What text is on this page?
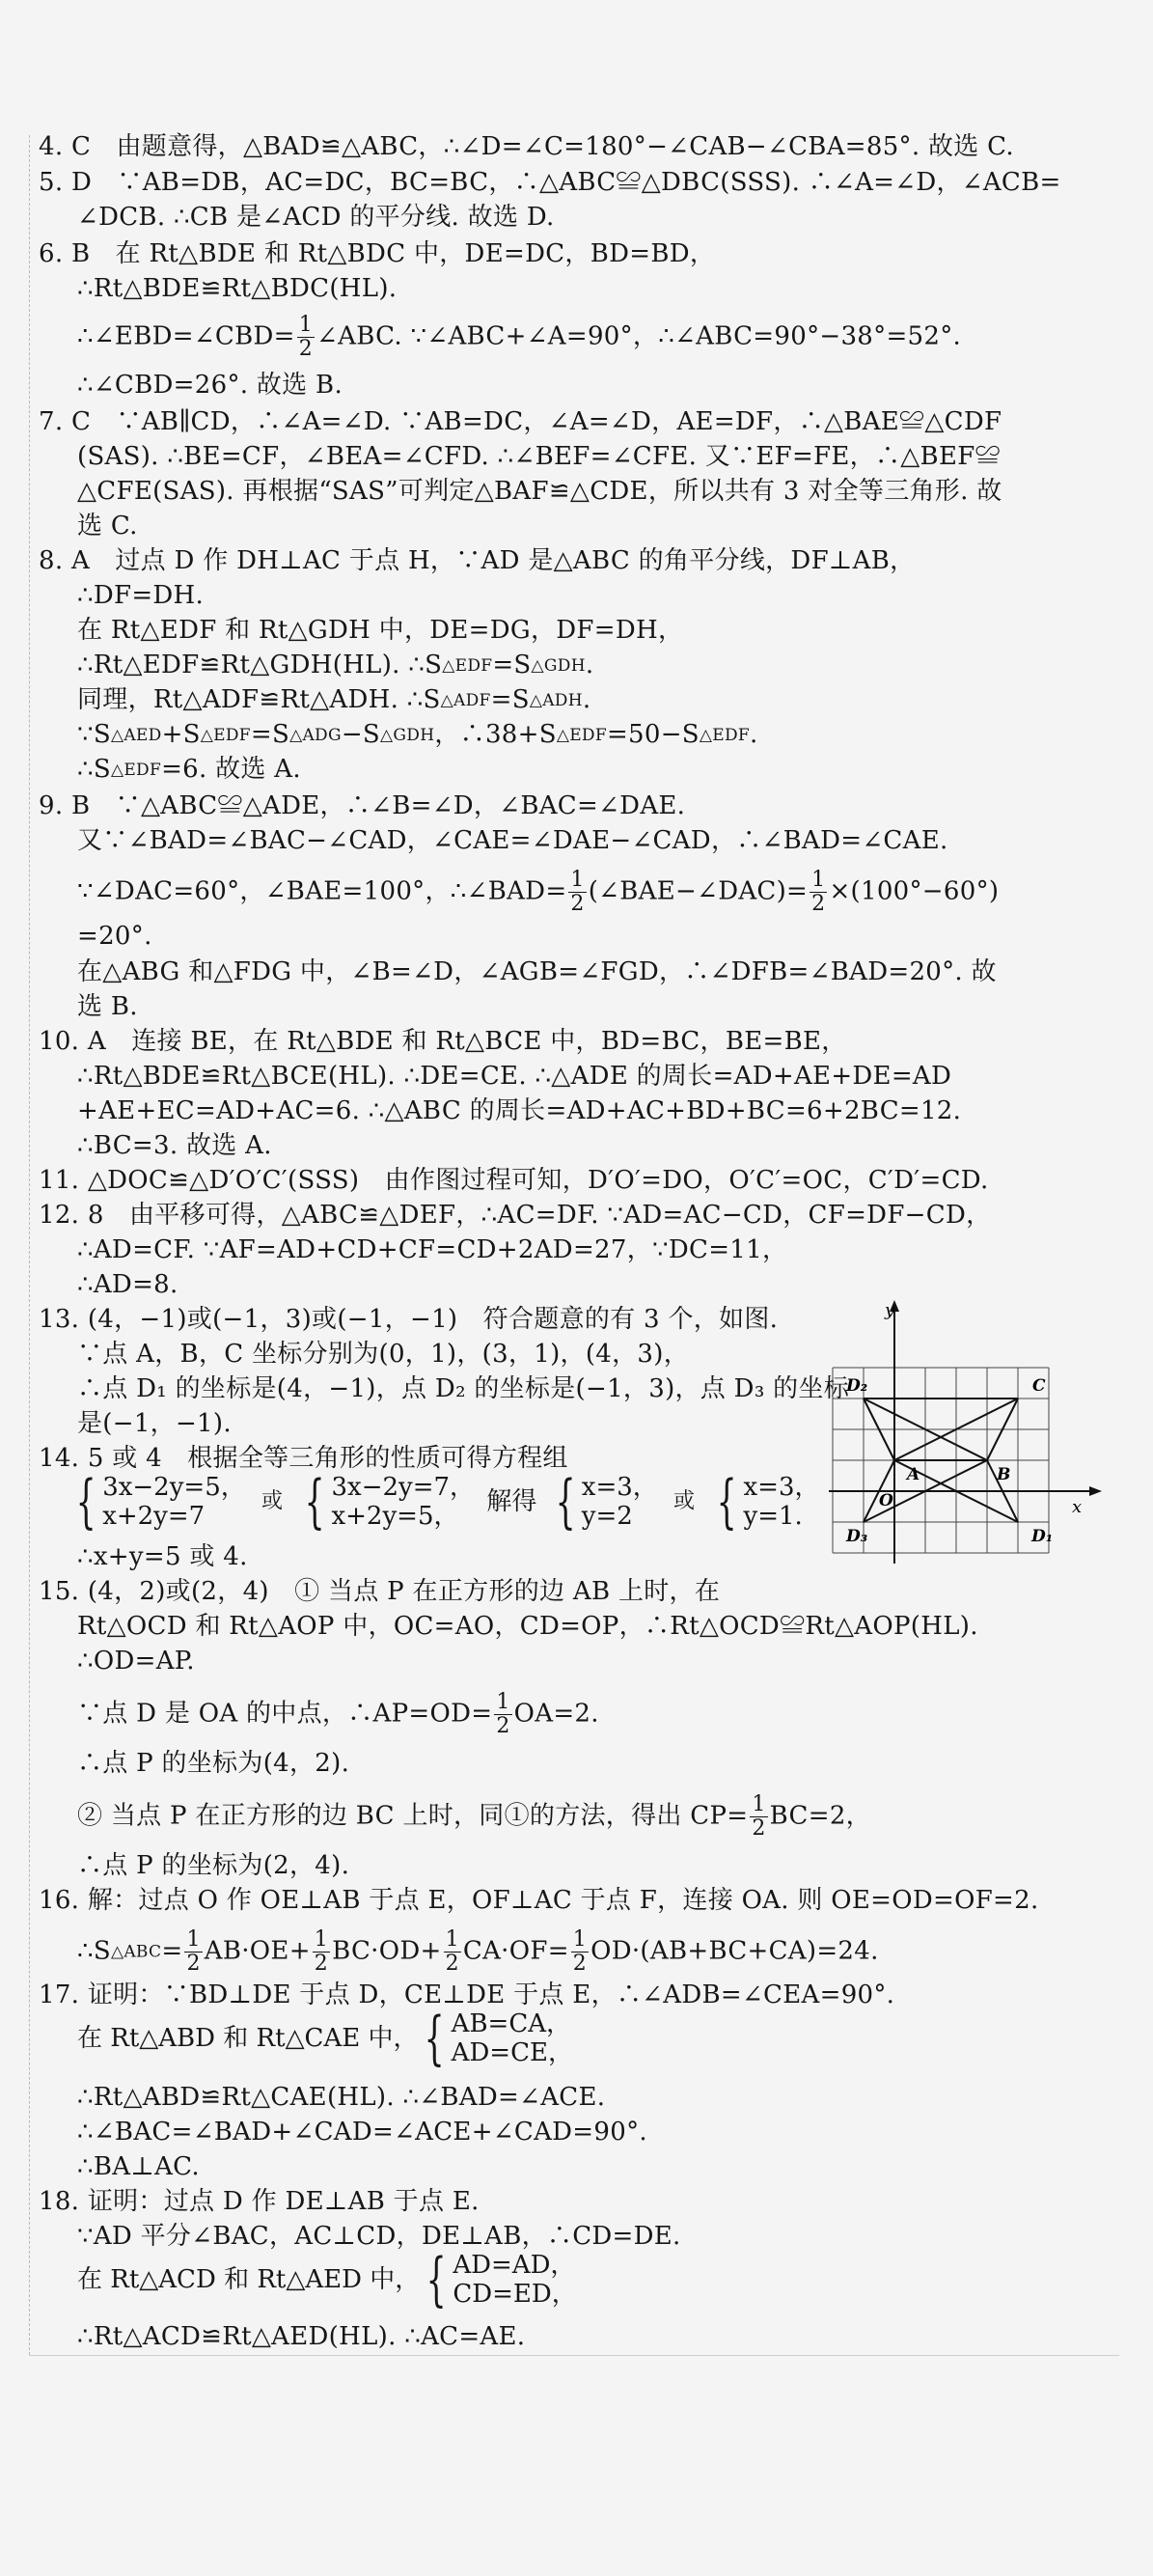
4. C　由题意得，△BAD≌△ABC，∴∠D=∠C=180°−∠CAB−∠CBA=85°. 故选 C.
5. D　∵AB=DB，AC=DC，BC=BC，∴△ABC≌△DBC(SSS). ∴∠A=∠D，∠ACB=
∠DCB. ∴CB 是∠ACD 的平分线. 故选 D.
6. B　在 Rt△BDE 和 Rt△BDC 中，DE=DC，BD=BD，
∴Rt△BDE≌Rt△BDC(HL).
∴∠EBD=∠CBD= $\frac{1}{2}$ ∠ABC. ∵∠ABC+∠A=90°，∴∠ABC=90°−38°=52°.
∴∠CBD=26°. 故选 B.
7. C　∵AB∥CD，∴∠A=∠D. ∵AB=DC，∠A=∠D，AE=DF，∴△BAE≌△CDF
(SAS). ∴BE=CF，∠BEA=∠CFD. ∴∠BEF=∠CFE. 又∵EF=FE，∴△BEF≌
△CFE(SAS). 再根据“SAS”可判定△BAF≌△CDE，所以共有 3 对全等三角形. 故
选 C.
8. A　过点 D 作 DH⊥AC 于点 H，∵AD 是△ABC 的角平分线，DF⊥AB，
∴DF=DH.
在 Rt△EDF 和 Rt△GDH 中，DE=DG，DF=DH，
∴Rt△EDF≌Rt△GDH(HL). ∴S△EDF=S△GDH.
同理，Rt△ADF≌Rt△ADH. ∴S△ADF=S△ADH.
∵S△AED+S△EDF=S△ADG−S△GDH，∴38+S△EDF=50−S△EDF.
∴S△EDF=6. 故选 A.
9. B　∵△ABC≌△ADE，∴∠B=∠D，∠BAC=∠DAE.
又∵∠BAD=∠BAC−∠CAD，∠CAE=∠DAE−∠CAD，∴∠BAD=∠CAE.
∵∠DAC=60°，∠BAE=100°，∴∠BAD= $\frac{1}{2}$ (∠BAE−∠DAC)= $\frac{1}{2} \times(100^\circ-60^\circ)$
=20°.
在△ABG 和△FDG 中，∠B=∠D，∠AGB=∠FGD，∴∠DFB=∠BAD=20°. 故
选 B.
10. A　连接 BE，在 Rt△BDE 和 Rt△BCE 中，BD=BC，BE=BE，
∴Rt△BDE≌Rt△BCE(HL). ∴DE=CE. ∴△ADE 的周长=AD+AE+DE=AD
+AE+EC=AD+AC=6. ∴△ABC 的周长=AD+AC+BD+BC=6+2BC=12.
∴BC=3. 故选 A.
11. △DOC≌△D′O′C′(SSS)　由作图过程可知，D′O′=DO，O′C′=OC，C′D′=CD.
12. 8　由平移可得，△ABC≌△DEF，∴AC=DF. ∵AD=AC−CD，CF=DF−CD，
∴AD=CF. ∵AF=AD+CD+CF=CD+2AD=27，∵DC=11，
∴AD=8.
13. (4，−1)或(−1，3)或(−1，−1)　符合题意的有 3 个，如图.
∵点 A，B，C 坐标分别为(0，1)，(3，1)，(4，3)，
∴点 D₁ 的坐标是(4，−1)，点 D₂ 的坐标是(−1，3)，点 D₃ 的坐标
是(−1，−1).
14. 5 或 4　根据全等三角形的性质可得方程组
{ 3x−2y=5，
x+2y=7
或 { 3x−2y=7，
x+2y=5，	解得 { x=3，
y=2
或 { x=3，
y=1.
∴x+y=5 或 4.
15. (4，2)或(2，4)　① 当点 P 在正方形的边 AB 上时，在
Rt△OCD 和 Rt△AOP 中，OC=AO，CD=OP，∴Rt△OCD≌Rt△AOP(HL).
∴OD=AP.
∵点 D 是 OA 的中点，∴AP=OD= $\frac{1}{2} OA=2$.
∴点 P 的坐标为(4，2).
② 当点 P 在正方形的边 BC 上时，同①的方法，得出 $CP= \frac{1}{2} BC=2$，
∴点 P 的坐标为(2，4).
16. 解：过点 O 作 OE⊥AB 于点 E，OF⊥AC 于点 F，连接 OA. 则 OE=OD=OF=2.
∴S△ABC= $\frac{1}{2} AB\cdot OE+ \frac{1}{2} BC\cdot OD+ \frac{1}{2} CA\cdot OF= \frac{1}{2} OD\cdot(AB+BC+CA)=24$.
17. 证明：∵BD⊥DE 于点 D，CE⊥DE 于点 E，∴∠ADB=∠CEA=90°.
在 Rt△ABD 和 Rt△CAE 中， { AB=CA，
AD=CE，
∴Rt△ABD≌Rt△CAE(HL). ∴∠BAD=∠ACE.
∴∠BAC=∠BAD+∠CAD=∠ACE+∠CAD=90°.
∴BA⊥AC.
18. 证明：过点 D 作 DE⊥AB 于点 E.
∵AD 平分∠BAC，AC⊥CD，DE⊥AB，∴CD=DE.
在 Rt△ACD 和 Rt△AED 中， { AD=AD，
CD=ED，
∴Rt△ACD≌Rt△AED(HL). ∴AC=AE.
y
x
D₂	C
A	B
O
D₃	D₁
